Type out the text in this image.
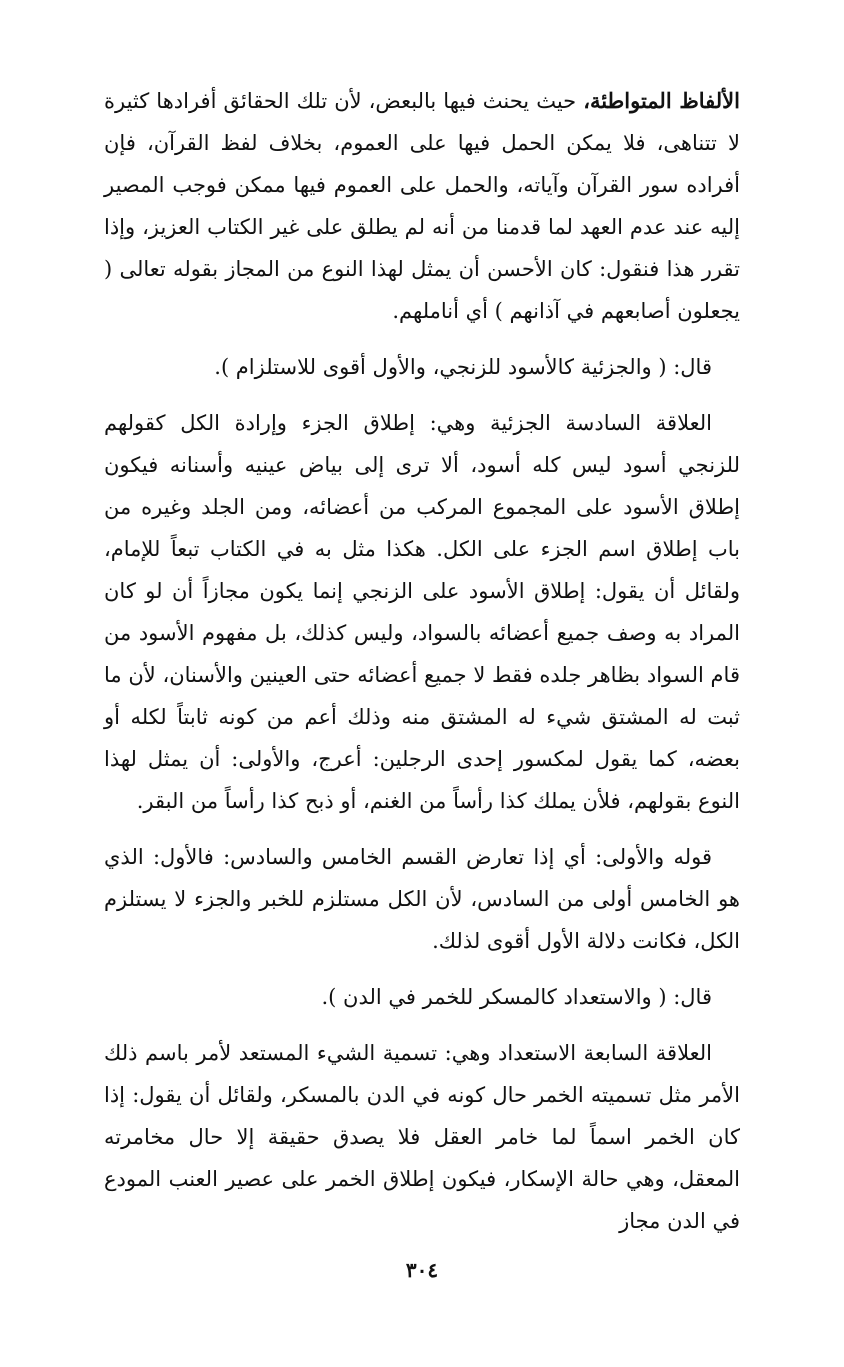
الألفاظ المتواطئة، حيث يحنث فيها بالبعض، لأن تلك الحقائق أفرادها كثيرة لا تتناهى، فلا يمكن الحمل فيها على العموم، بخلاف لفظ القرآن، فإن أفراده سور القرآن وآياته، والحمل على العموم فيها ممكن فوجب المصير إليه عند عدم العهد لما قدمنا من أنه لم يطلق على غير الكتاب العزيز، وإذا تقرر هذا فنقول: كان الأحسن أن يمثل لهذا النوع من المجاز بقوله تعالى ( يجعلون أصابعهم في آذانهم ) أي أناملهم.

قال: ( والجزئية كالأسود للزنجي، والأول أقوى للاستلزام ).

العلاقة السادسة الجزئية وهي: إطلاق الجزء وإرادة الكل كقولهم للزنجي أسود ليس كله أسود، ألا ترى إلى بياض عينيه وأسنانه فيكون إطلاق الأسود على المجموع المركب من أعضائه، ومن الجلد وغيره من باب إطلاق اسم الجزء على الكل. هكذا مثل به في الكتاب تبعاً للإمام، ولقائل أن يقول: إطلاق الأسود على الزنجي إنما يكون مجازاً أن لو كان المراد به وصف جميع أعضائه بالسواد، وليس كذلك، بل مفهوم الأسود من قام السواد بظاهر جلده فقط لا جميع أعضائه حتى العينين والأسنان، لأن ما ثبت له المشتق شيء له المشتق منه وذلك أعم من كونه ثابتاً لكله أو بعضه، كما يقول لمكسور إحدى الرجلين: أعرج، والأولى: أن يمثل لهذا النوع بقولهم، فلأن يملك كذا رأساً من الغنم، أو ذبح كذا رأساً من البقر.

قوله والأولى: أي إذا تعارض القسم الخامس والسادس: فالأول: الذي هو الخامس أولى من السادس، لأن الكل مستلزم للخبر والجزء لا يستلزم الكل، فكانت دلالة الأول أقوى لذلك.

قال: ( والاستعداد كالمسكر للخمر في الدن ).

العلاقة السابعة الاستعداد وهي: تسمية الشيء المستعد لأمر باسم ذلك الأمر مثل تسميته الخمر حال كونه في الدن بالمسكر، ولقائل أن يقول: إذا كان الخمر اسماً لما خامر العقل فلا يصدق حقيقة إلا حال مخامرته المعقل، وهي حالة الإسكار، فيكون إطلاق الخمر على عصير العنب المودع في الدن مجاز

٣٠٤
